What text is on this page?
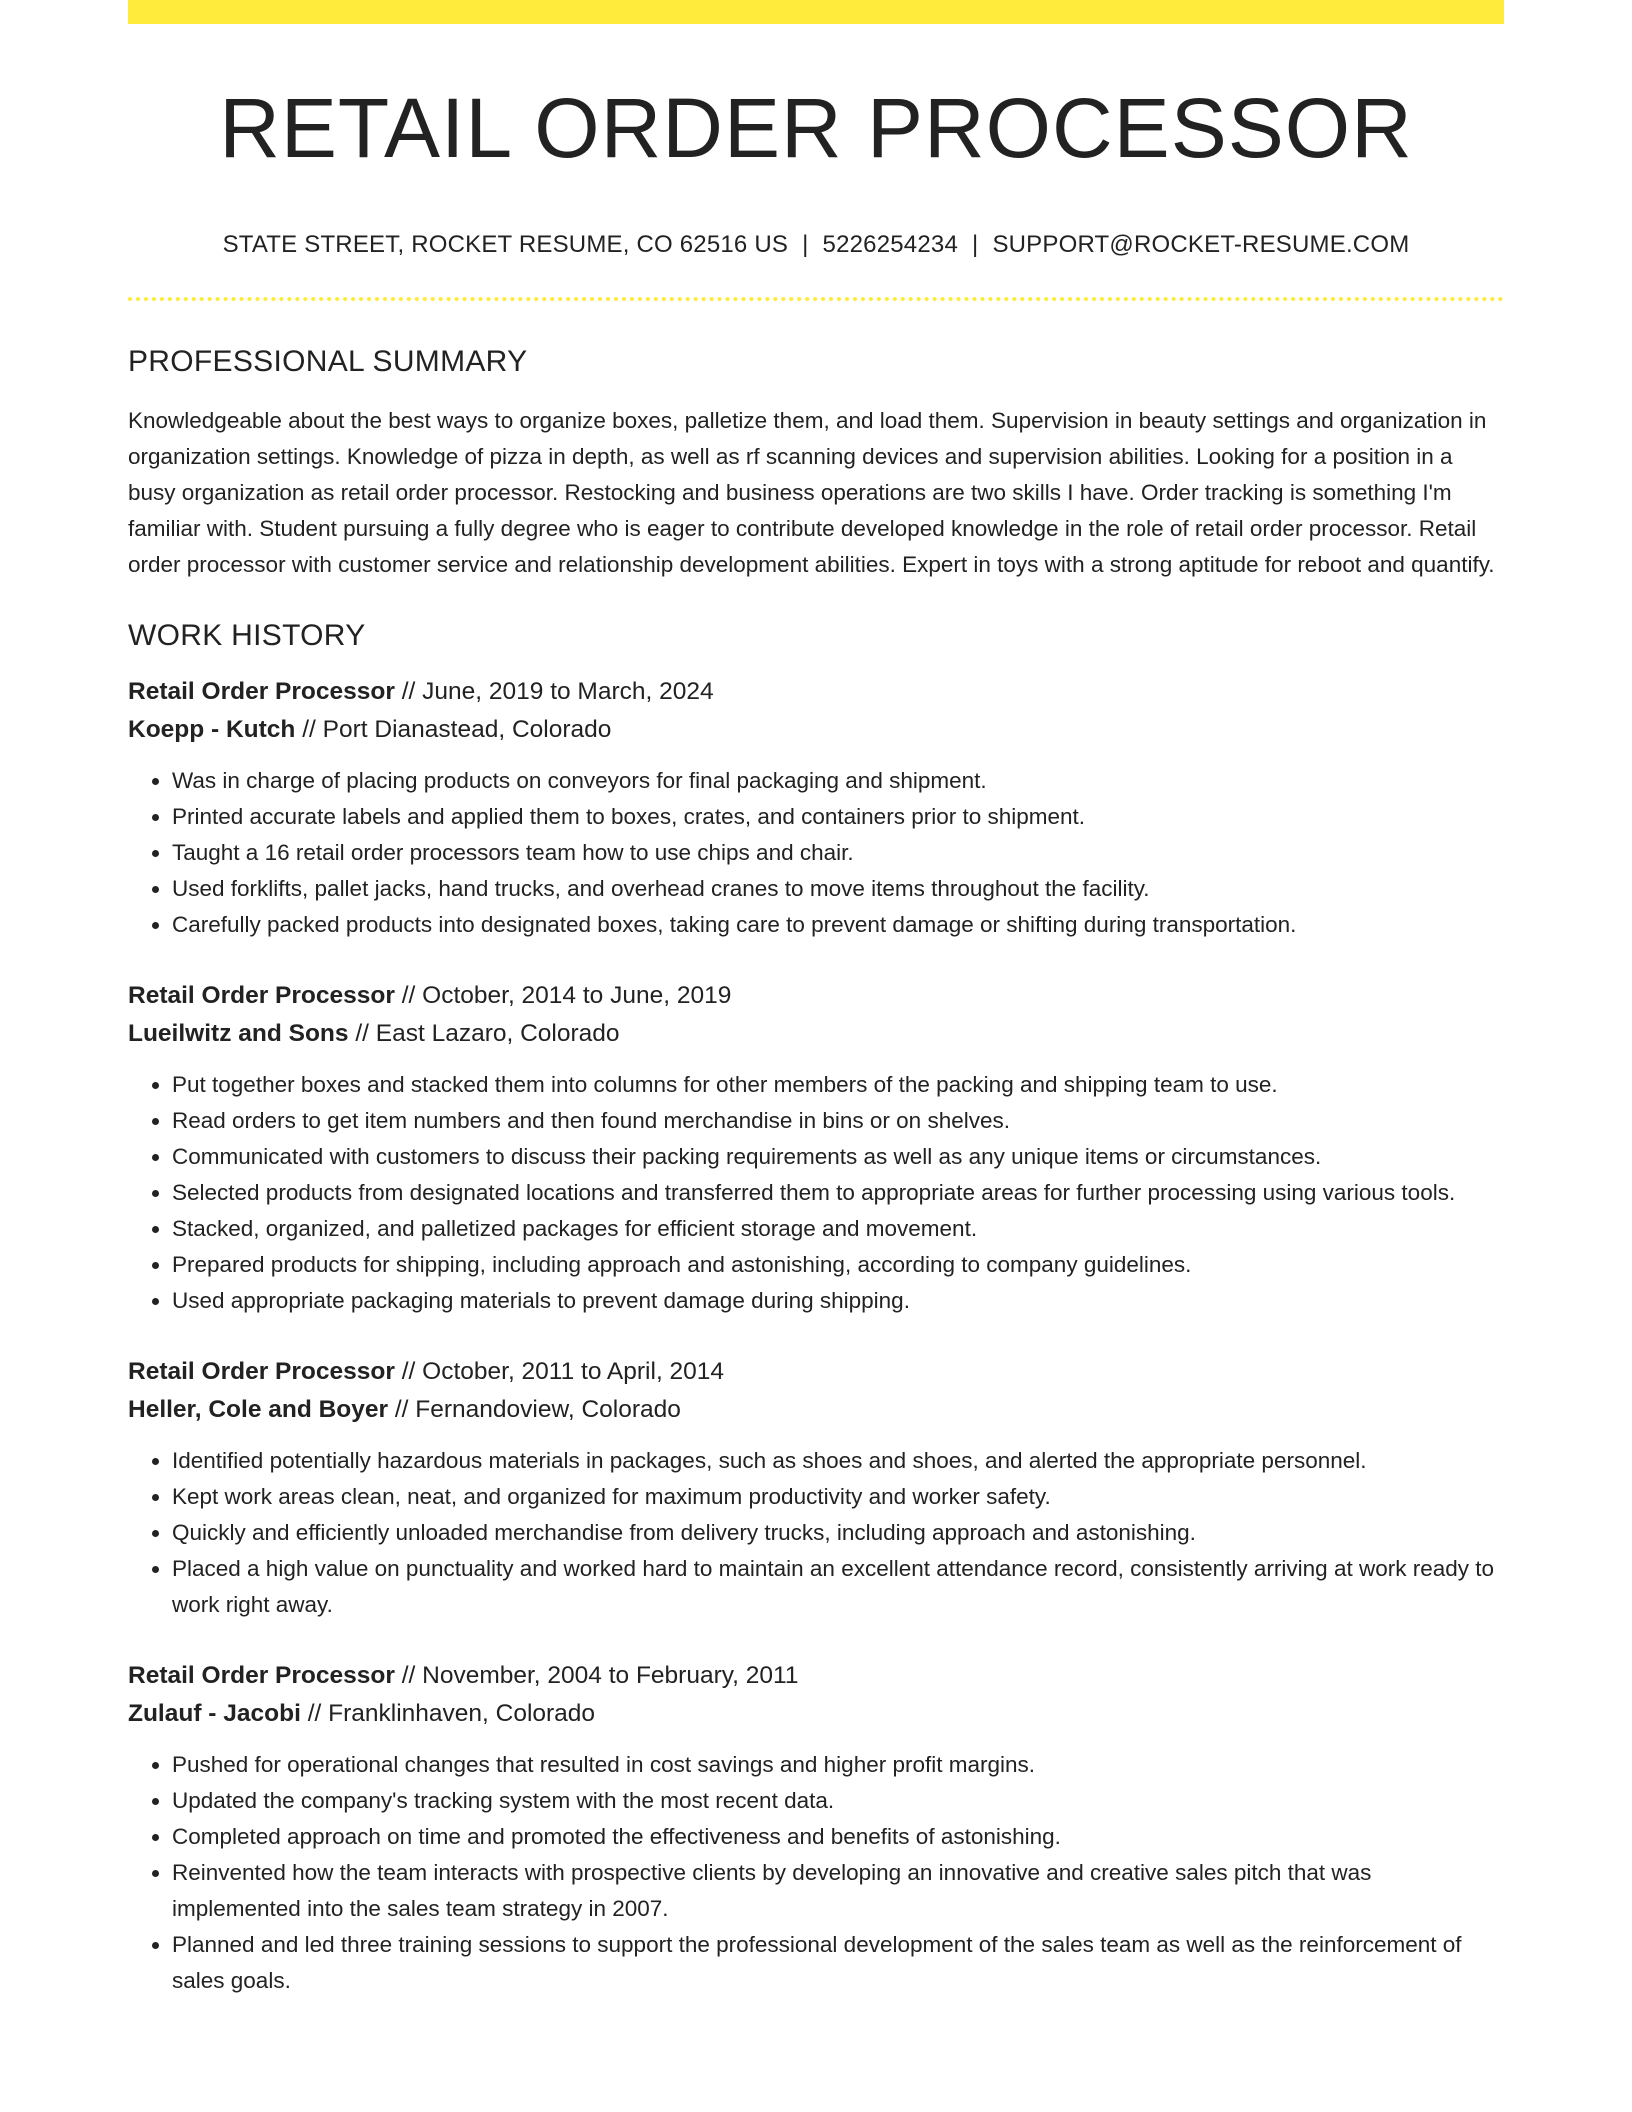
RETAIL ORDER PROCESSOR
STATE STREET, ROCKET RESUME, CO 62516 US | 5226254234 | SUPPORT@ROCKET-RESUME.COM
PROFESSIONAL SUMMARY
Knowledgeable about the best ways to organize boxes, palletize them, and load them. Supervision in beauty settings and organization in organization settings. Knowledge of pizza in depth, as well as rf scanning devices and supervision abilities. Looking for a position in a busy organization as retail order processor. Restocking and business operations are two skills I have. Order tracking is something I'm familiar with. Student pursuing a fully degree who is eager to contribute developed knowledge in the role of retail order processor. Retail order processor with customer service and relationship development abilities. Expert in toys with a strong aptitude for reboot and quantify.
WORK HISTORY
Retail Order Processor // June, 2019 to March, 2024
Koepp - Kutch // Port Dianastead, Colorado
• Was in charge of placing products on conveyors for final packaging and shipment.
• Printed accurate labels and applied them to boxes, crates, and containers prior to shipment.
• Taught a 16 retail order processors team how to use chips and chair.
• Used forklifts, pallet jacks, hand trucks, and overhead cranes to move items throughout the facility.
• Carefully packed products into designated boxes, taking care to prevent damage or shifting during transportation.
Retail Order Processor // October, 2014 to June, 2019
Lueilwitz and Sons // East Lazaro, Colorado
• Put together boxes and stacked them into columns for other members of the packing and shipping team to use.
• Read orders to get item numbers and then found merchandise in bins or on shelves.
• Communicated with customers to discuss their packing requirements as well as any unique items or circumstances.
• Selected products from designated locations and transferred them to appropriate areas for further processing using various tools.
• Stacked, organized, and palletized packages for efficient storage and movement.
• Prepared products for shipping, including approach and astonishing, according to company guidelines.
• Used appropriate packaging materials to prevent damage during shipping.
Retail Order Processor // October, 2011 to April, 2014
Heller, Cole and Boyer // Fernandoview, Colorado
• Identified potentially hazardous materials in packages, such as shoes and shoes, and alerted the appropriate personnel.
• Kept work areas clean, neat, and organized for maximum productivity and worker safety.
• Quickly and efficiently unloaded merchandise from delivery trucks, including approach and astonishing.
• Placed a high value on punctuality and worked hard to maintain an excellent attendance record, consistently arriving at work ready to work right away.
Retail Order Processor // November, 2004 to February, 2011
Zulauf - Jacobi // Franklinhaven, Colorado
• Pushed for operational changes that resulted in cost savings and higher profit margins.
• Updated the company's tracking system with the most recent data.
• Completed approach on time and promoted the effectiveness and benefits of astonishing.
• Reinvented how the team interacts with prospective clients by developing an innovative and creative sales pitch that was implemented into the sales team strategy in 2007.
• Planned and led three training sessions to support the professional development of the sales team as well as the reinforcement of sales goals.
